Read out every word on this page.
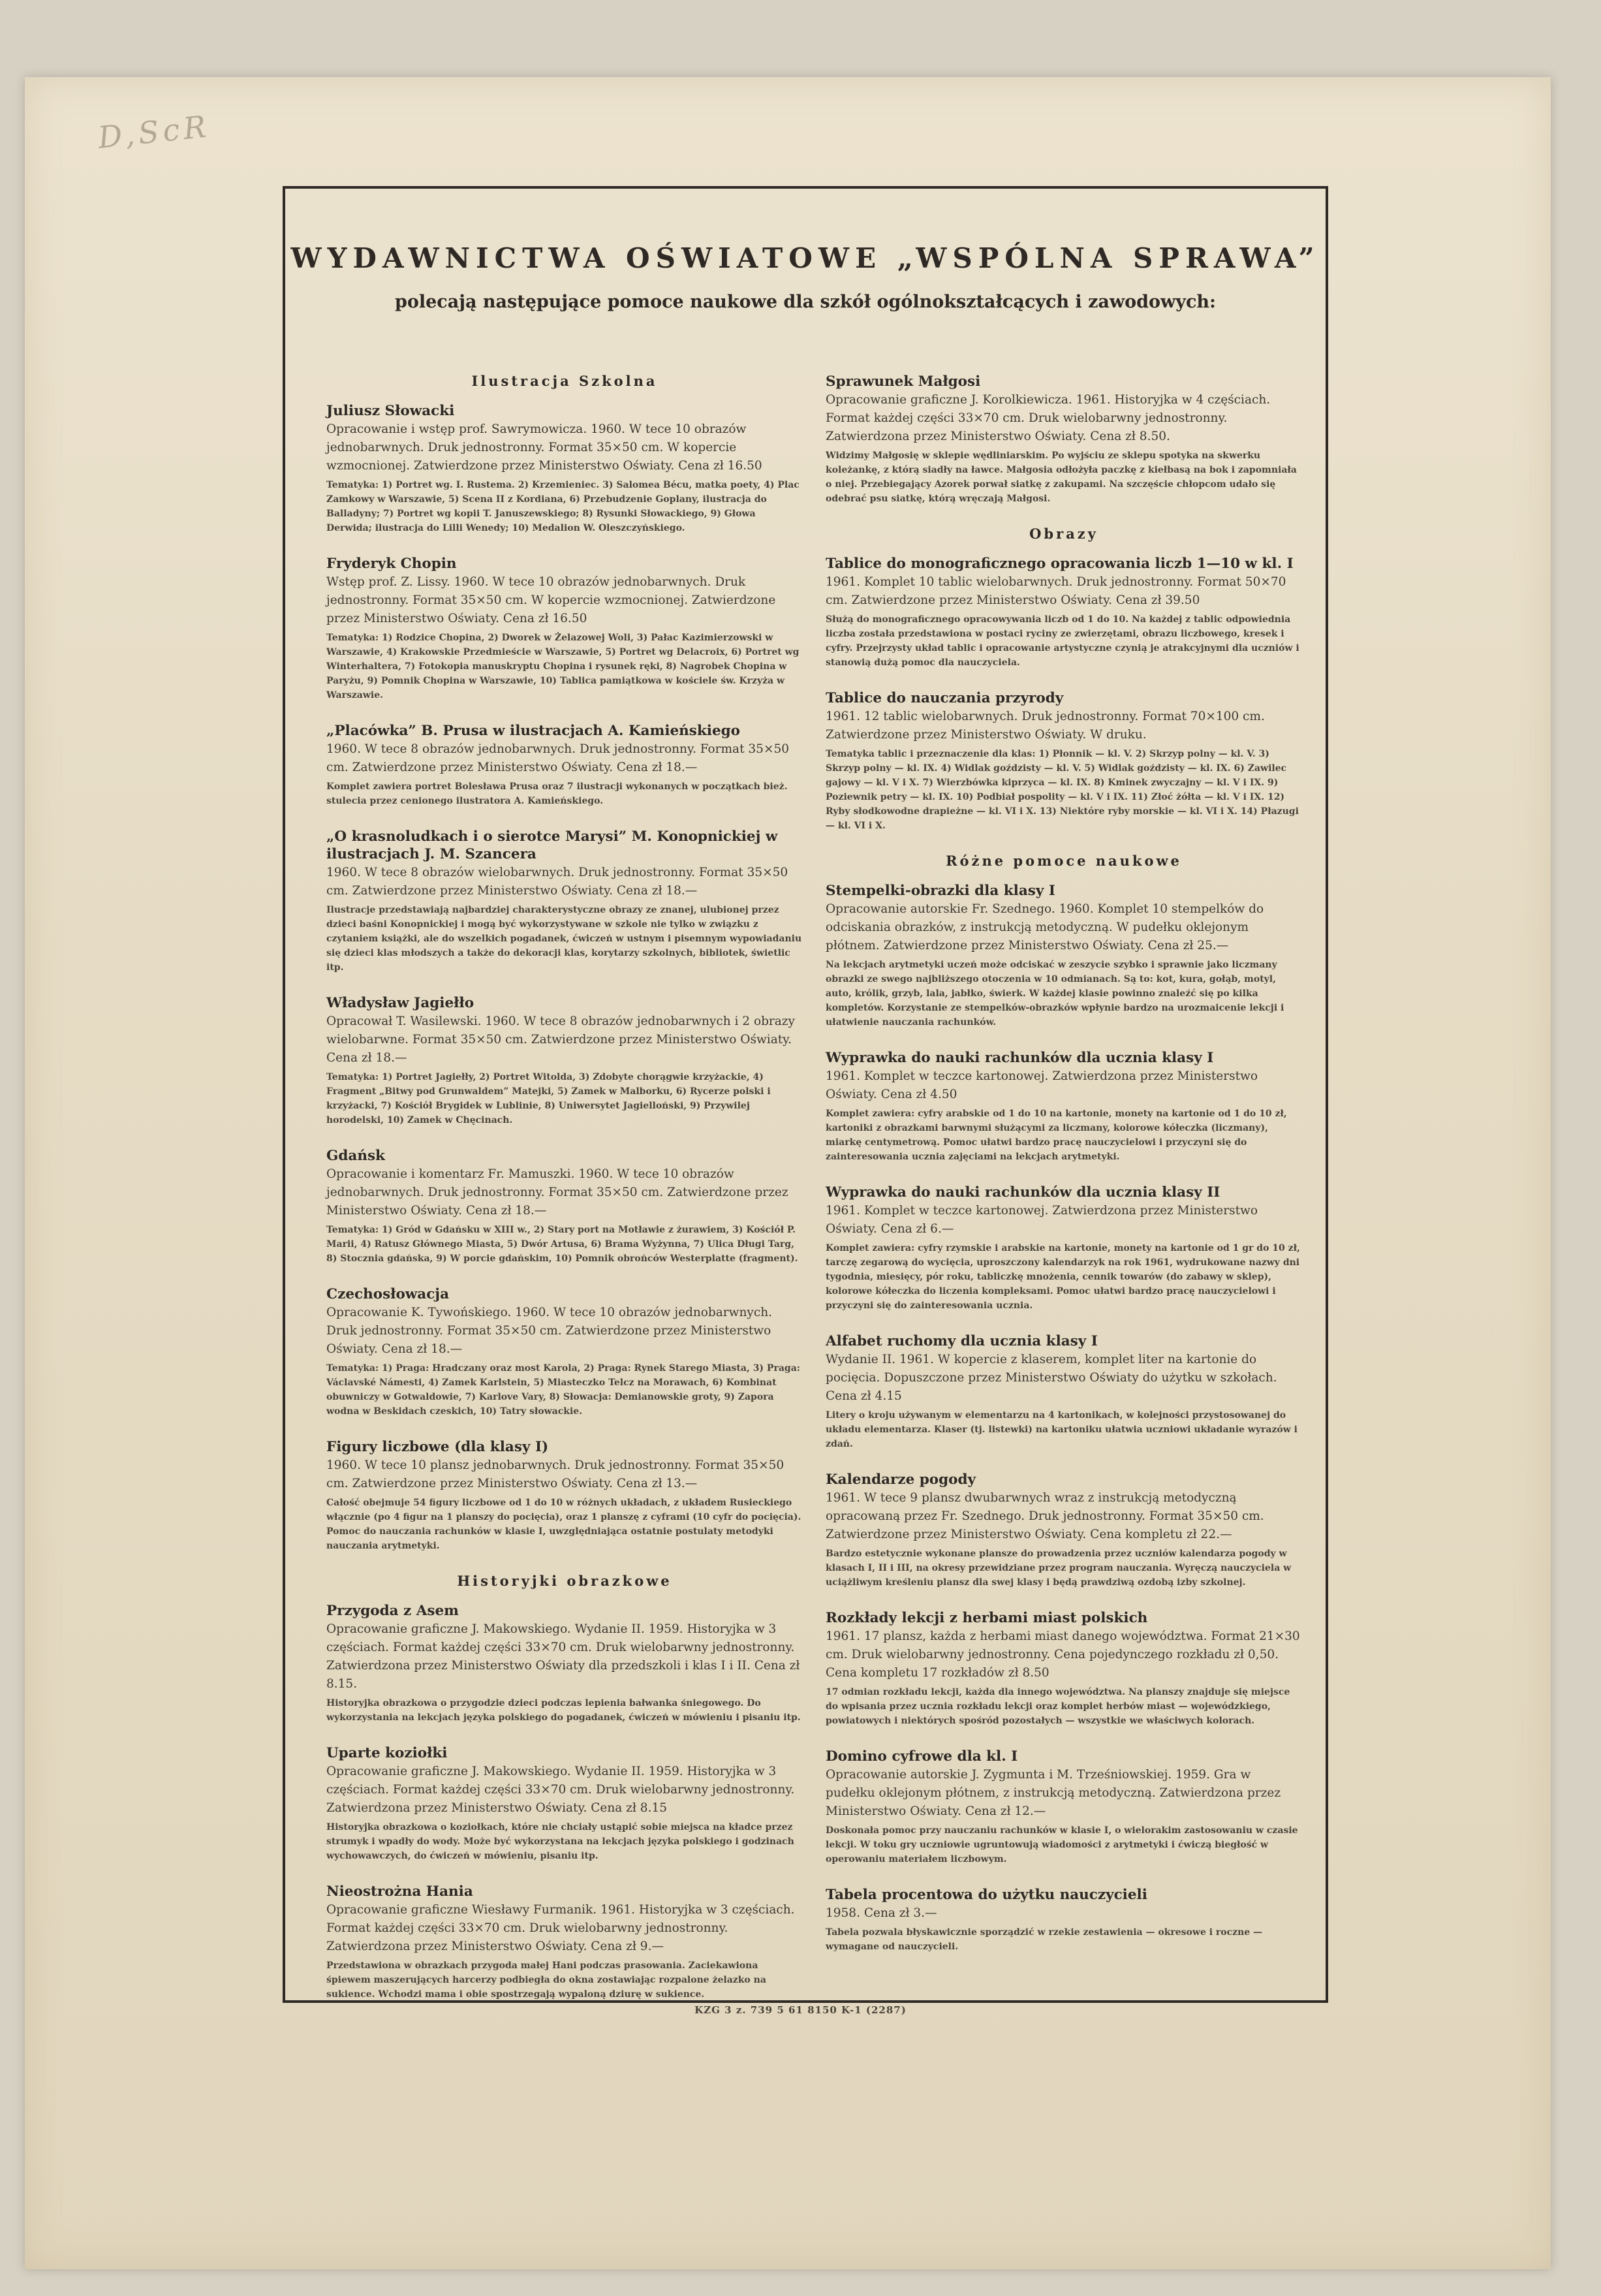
D,ScR
WYDAWNICTWA OŚWIATOWE „WSPÓLNA SPRAWA”
polecają następujące pomoce naukowe dla szkół ogólnokształcących i zawodowych:
Ilustracja Szkolna
Juliusz Słowacki
Opracowanie i wstęp prof. Sawrymowicza. 1960. W tece 10 obrazów jednobarwnych. Druk jednostronny. Format 35×50 cm. W kopercie wzmocnionej. Zatwierdzone przez Ministerstwo Oświaty. Cena zł 16.50
Tematyka: 1) Portret wg. I. Rustema. 2) Krzemieniec. 3) Salomea Bécu, matka poety, 4) Plac Zamkowy w Warszawie, 5) Scena II z Kordiana, 6) Przebudzenie Goplany, ilustracja do Balladyny; 7) Portret wg kopii T. Januszewskiego; 8) Rysunki Słowackiego, 9) Głowa Derwida; ilustracja do Lilli Wenedy; 10) Medalion W. Oleszczyńskiego.
Fryderyk Chopin
Wstęp prof. Z. Lissy. 1960. W tece 10 obrazów jednobarwnych. Druk jednostronny. Format 35×50 cm. W kopercie wzmocnionej. Zatwierdzone przez Ministerstwo Oświaty. Cena zł 16.50
Tematyka: 1) Rodzice Chopina, 2) Dworek w Żelazowej Woli, 3) Pałac Kazimierzowski w Warszawie, 4) Krakowskie Przedmieście w Warszawie, 5) Portret wg Delacroix, 6) Portret wg Winterhaltera, 7) Fotokopia manuskryptu Chopina i rysunek ręki, 8) Nagrobek Chopina w Paryżu, 9) Pomnik Chopina w Warszawie, 10) Tablica pamiątkowa w kościele św. Krzyża w Warszawie.
„Placówka” B. Prusa w ilustracjach A. Kamieńskiego
1960. W tece 8 obrazów jednobarwnych. Druk jednostronny. Format 35×50 cm. Zatwierdzone przez Ministerstwo Oświaty. Cena zł 18.—
Komplet zawiera portret Bolesława Prusa oraz 7 ilustracji wykonanych w początkach bież. stulecia przez cenionego ilustratora A. Kamieńskiego.
„O krasnoludkach i o sierotce Marysi” M. Konopnickiej w ilustracjach J. M. Szancera
1960. W tece 8 obrazów wielobarwnych. Druk jednostronny. Format 35×50 cm. Zatwierdzone przez Ministerstwo Oświaty. Cena zł 18.—
Ilustracje przedstawiają najbardziej charakterystyczne obrazy ze znanej, ulubionej przez dzieci baśni Konopnickiej i mogą być wykorzystywane w szkole nie tylko w związku z czytaniem książki, ale do wszelkich pogadanek, ćwiczeń w ustnym i pisemnym wypowiadaniu się dzieci klas młodszych a także do dekoracji klas, korytarzy szkolnych, bibliotek, świetlic itp.
Władysław Jagiełło
Opracował T. Wasilewski. 1960. W tece 8 obrazów jednobarwnych i 2 obrazy wielobarwne. Format 35×50 cm. Zatwierdzone przez Ministerstwo Oświaty. Cena zł 18.—
Tematyka: 1) Portret Jagiełły, 2) Portret Witolda, 3) Zdobyte chorągwie krzyżackie, 4) Fragment „Bitwy pod Grunwaldem” Matejki, 5) Zamek w Malborku, 6) Rycerze polski i krzyżacki, 7) Kościół Brygidek w Lublinie, 8) Uniwersytet Jagielloński, 9) Przywilej horodelski, 10) Zamek w Chęcinach.
Gdańsk
Opracowanie i komentarz Fr. Mamuszki. 1960. W tece 10 obrazów jednobarwnych. Druk jednostronny. Format 35×50 cm. Zatwierdzone przez Ministerstwo Oświaty. Cena zł 18.—
Tematyka: 1) Gród w Gdańsku w XIII w., 2) Stary port na Motławie z żurawiem, 3) Kościół P. Marii, 4) Ratusz Głównego Miasta, 5) Dwór Artusa, 6) Brama Wyżynna, 7) Ulica Długi Targ, 8) Stocznia gdańska, 9) W porcie gdańskim, 10) Pomnik obrońców Westerplatte (fragment).
Czechosłowacja
Opracowanie K. Tywońskiego. 1960. W tece 10 obrazów jednobarwnych. Druk jednostronny. Format 35×50 cm. Zatwierdzone przez Ministerstwo Oświaty. Cena zł 18.—
Tematyka: 1) Praga: Hradczany oraz most Karola, 2) Praga: Rynek Starego Miasta, 3) Praga: Václavské Námesti, 4) Zamek Karlstein, 5) Miasteczko Telcz na Morawach, 6) Kombinat obuwniczy w Gotwaldowie, 7) Karlove Vary, 8) Słowacja: Demianowskie groty, 9) Zapora wodna w Beskidach czeskich, 10) Tatry słowackie.
Figury liczbowe (dla klasy I)
1960. W tece 10 plansz jednobarwnych. Druk jednostronny. Format 35×50 cm. Zatwierdzone przez Ministerstwo Oświaty. Cena zł 13.—
Całość obejmuje 54 figury liczbowe od 1 do 10 w różnych układach, z układem Rusieckiego włącznie (po 4 figur na 1 planszy do pocięcia), oraz 1 planszę z cyframi (10 cyfr do pocięcia). Pomoc do nauczania rachunków w klasie I, uwzględniająca ostatnie postulaty metodyki nauczania arytmetyki.
Historyjki obrazkowe
Przygoda z Asem
Opracowanie graficzne J. Makowskiego. Wydanie II. 1959. Historyjka w 3 częściach. Format każdej części 33×70 cm. Druk wielobarwny jednostronny. Zatwierdzona przez Ministerstwo Oświaty dla przedszkoli i klas I i II. Cena zł 8.15.
Historyjka obrazkowa o przygodzie dzieci podczas lepienia bałwanka śniegowego. Do wykorzystania na lekcjach języka polskiego do pogadanek, ćwiczeń w mówieniu i pisaniu itp.
Uparte koziołki
Opracowanie graficzne J. Makowskiego. Wydanie II. 1959. Historyjka w 3 częściach. Format każdej części 33×70 cm. Druk wielobarwny jednostronny. Zatwierdzona przez Ministerstwo Oświaty. Cena zł 8.15
Historyjka obrazkowa o koziołkach, które nie chciały ustąpić sobie miejsca na kładce przez strumyk i wpadły do wody. Może być wykorzystana na lekcjach języka polskiego i godzinach wychowawczych, do ćwiczeń w mówieniu, pisaniu itp.
Nieostrożna Hania
Opracowanie graficzne Wiesławy Furmanik. 1961. Historyjka w 3 częściach. Format każdej części 33×70 cm. Druk wielobarwny jednostronny. Zatwierdzona przez Ministerstwo Oświaty. Cena zł 9.—
Przedstawiona w obrazkach przygoda małej Hani podczas prasowania. Zaciekawiona śpiewem maszerujących harcerzy podbiegła do okna zostawiając rozpalone żelazko na sukience. Wchodzi mama i obie spostrzegają wypaloną dziurę w sukience.
Sprawunek Małgosi
Opracowanie graficzne J. Korolkiewicza. 1961. Historyjka w 4 częściach. Format każdej części 33×70 cm. Druk wielobarwny jednostronny. Zatwierdzona przez Ministerstwo Oświaty. Cena zł 8.50.
Widzimy Małgosię w sklepie wędliniarskim. Po wyjściu ze sklepu spotyka na skwerku koleżankę, z którą siadły na ławce. Małgosia odłożyła paczkę z kiełbasą na bok i zapomniała o niej. Przebiegający Azorek porwał siatkę z zakupami. Na szczęście chłopcom udało się odebrać psu siatkę, którą wręczają Małgosi.
Obrazy
Tablice do monograficznego opracowania liczb 1—10 w kl. I
1961. Komplet 10 tablic wielobarwnych. Druk jednostronny. Format 50×70 cm. Zatwierdzone przez Ministerstwo Oświaty. Cena zł 39.50
Służą do monograficznego opracowywania liczb od 1 do 10. Na każdej z tablic odpowiednia liczba została przedstawiona w postaci ryciny ze zwierzętami, obrazu liczbowego, kresek i cyfry. Przejrzysty układ tablic i opracowanie artystyczne czynią je atrakcyjnymi dla uczniów i stanowią dużą pomoc dla nauczyciela.
Tablice do nauczania przyrody
1961. 12 tablic wielobarwnych. Druk jednostronny. Format 70×100 cm. Zatwierdzone przez Ministerstwo Oświaty. W druku.
Tematyka tablic i przeznaczenie dla klas: 1) Płonnik — kl. V. 2) Skrzyp polny — kl. V. 3) Skrzyp polny — kl. IX. 4) Widlak goździsty — kl. V. 5) Widlak goździsty — kl. IX. 6) Zawilec gajowy — kl. V i X. 7) Wierzbówka kiprzyca — kl. IX. 8) Kminek zwyczajny — kl. V i IX. 9) Poziewnik petry — kl. IX. 10) Podbiał pospolity — kl. V i IX. 11) Złoć żółta — kl. V i IX. 12) Ryby słodkowodne drapieżne — kl. VI i X. 13) Niektóre ryby morskie — kl. VI i X. 14) Płazugi — kl. VI i X.
Różne pomoce naukowe
Stempelki-obrazki dla klasy I
Opracowanie autorskie Fr. Szednego. 1960. Komplet 10 stempelków do odciskania obrazków, z instrukcją metodyczną. W pudełku oklejonym płótnem. Zatwierdzone przez Ministerstwo Oświaty. Cena zł 25.—
Na lekcjach arytmetyki uczeń może odciskać w zeszycie szybko i sprawnie jako liczmany obrazki ze swego najbliższego otoczenia w 10 odmianach. Są to: kot, kura, gołąb, motyl, auto, królik, grzyb, lala, jabłko, świerk. W każdej klasie powinno znaleźć się po kilka kompletów. Korzystanie ze stempelków-obrazków wpłynie bardzo na urozmaicenie lekcji i ułatwienie nauczania rachunków.
Wyprawka do nauki rachunków dla ucznia klasy I
1961. Komplet w teczce kartonowej. Zatwierdzona przez Ministerstwo Oświaty. Cena zł 4.50
Komplet zawiera: cyfry arabskie od 1 do 10 na kartonie, monety na kartonie od 1 do 10 zł, kartoniki z obrazkami barwnymi służącymi za liczmany, kolorowe kółeczka (liczmany), miarkę centymetrową. Pomoc ułatwi bardzo pracę nauczycielowi i przyczyni się do zainteresowania ucznia zajęciami na lekcjach arytmetyki.
Wyprawka do nauki rachunków dla ucznia klasy II
1961. Komplet w teczce kartonowej. Zatwierdzona przez Ministerstwo Oświaty. Cena zł 6.—
Komplet zawiera: cyfry rzymskie i arabskie na kartonie, monety na kartonie od 1 gr do 10 zł, tarczę zegarową do wycięcia, uproszczony kalendarzyk na rok 1961, wydrukowane nazwy dni tygodnia, miesięcy, pór roku, tabliczkę mnożenia, cennik towarów (do zabawy w sklep), kolorowe kółeczka do liczenia kompleksami. Pomoc ułatwi bardzo pracę nauczycielowi i przyczyni się do zainteresowania ucznia.
Alfabet ruchomy dla ucznia klasy I
Wydanie II. 1961. W kopercie z klaserem, komplet liter na kartonie do pocięcia. Dopuszczone przez Ministerstwo Oświaty do użytku w szkołach. Cena zł 4.15
Litery o kroju używanym w elementarzu na 4 kartonikach, w kolejności przystosowanej do układu elementarza. Klaser (tj. listewki) na kartoniku ułatwia uczniowi układanie wyrazów i zdań.
Kalendarze pogody
1961. W tece 9 plansz dwubarwnych wraz z instrukcją metodyczną opracowaną przez Fr. Szednego. Druk jednostronny. Format 35×50 cm. Zatwierdzone przez Ministerstwo Oświaty. Cena kompletu zł 22.—
Bardzo estetycznie wykonane plansze do prowadzenia przez uczniów kalendarza pogody w klasach I, II i III, na okresy przewidziane przez program nauczania. Wyręczą nauczyciela w uciążliwym kreśleniu plansz dla swej klasy i będą prawdziwą ozdobą izby szkolnej.
Rozkłady lekcji z herbami miast polskich
1961. 17 plansz, każda z herbami miast danego województwa. Format 21×30 cm. Druk wielobarwny jednostronny. Cena pojedynczego rozkładu zł 0,50. Cena kompletu 17 rozkładów zł 8.50
17 odmian rozkładu lekcji, każda dla innego województwa. Na planszy znajduje się miejsce do wpisania przez ucznia rozkładu lekcji oraz komplet herbów miast — wojewódzkiego, powiatowych i niektórych spośród pozostałych — wszystkie we właściwych kolorach.
Domino cyfrowe dla kl. I
Opracowanie autorskie J. Zygmunta i M. Trześniowskiej. 1959. Gra w pudełku oklejonym płótnem, z instrukcją metodyczną. Zatwierdzona przez Ministerstwo Oświaty. Cena zł 12.—
Doskonała pomoc przy nauczaniu rachunków w klasie I, o wielorakim zastosowaniu w czasie lekcji. W toku gry uczniowie ugruntowują wiadomości z arytmetyki i ćwiczą biegłość w operowaniu materiałem liczbowym.
Tabela procentowa do użytku nauczycieli
1958. Cena zł 3.—
Tabela pozwala błyskawicznie sporządzić w rzekie zestawienia — okresowe i roczne — wymagane od nauczycieli.
KZG 3 z. 739 5 61 8150 K-1 (2287)
